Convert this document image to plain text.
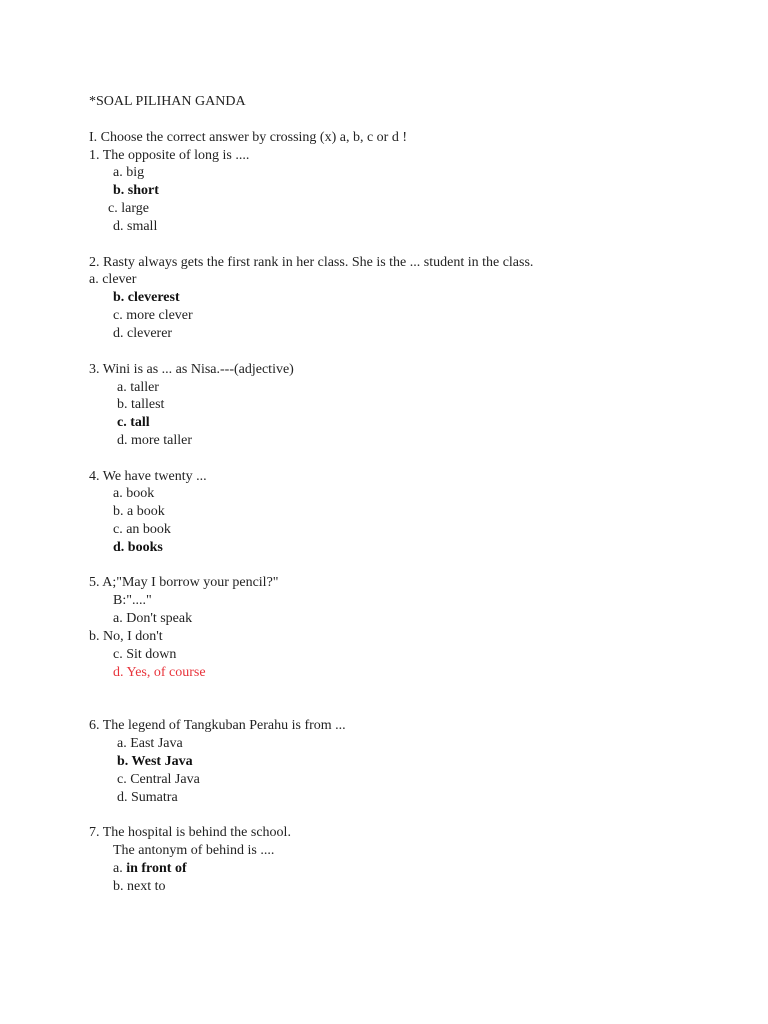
*SOAL PILIHAN GANDA
I. Choose the correct answer by crossing (x) a, b, c or d !
1. The opposite of long is ....
a. big
b. short
c. large
d. small
2. Rasty always gets the first rank in her class. She is the ... student in the class.
a. clever
b. cleverest
c. more clever
d. cleverer
3. Wini is as ... as Nisa.---(adjective)
a. taller
b. tallest
c. tall
d. more taller
4. We have twenty ...
a. book
b. a book
c. an book
d. books
5. A;"May I borrow your pencil?"
B:"...."
a. Don't speak
b. No, I don't
c. Sit down
d. Yes, of course
6. The legend of Tangkuban Perahu is from ...
a. East Java
b. West Java
c. Central Java
d. Sumatra
7. The hospital is behind the school.
The antonym of behind is ....
a. in front of
b. next to
